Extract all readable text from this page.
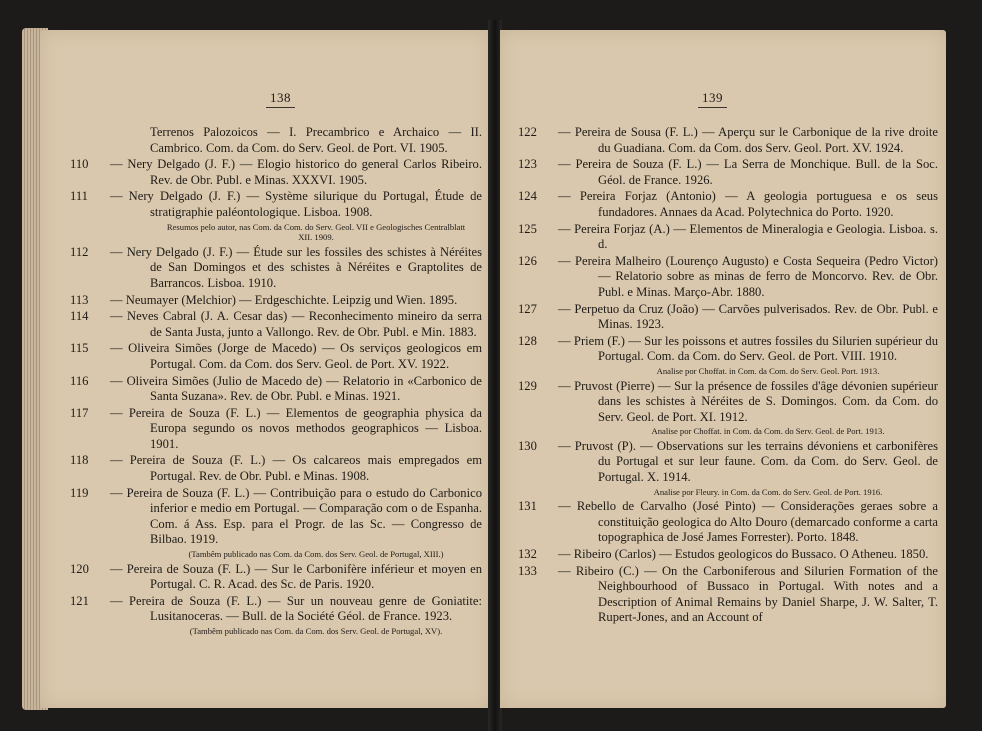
138

Terrenos Palozoicos — I. Precambrico e Archaico — II. Cambrico. Com. da Com. do Serv. Geol. de Port. VI. 1905.

110 — Nery Delgado (J. F.) — Elogio historico do general Carlos Ribeiro. Rev. de Obr. Publ. e Minas. XXXVI. 1905.

111 — Nery Delgado (J. F.) — Système silurique du Portugal, Étude de stratigraphie paléontologique. Lisboa. 1908.

Resumos pelo autor, nas Com. da Com. do Serv. Geol. VII e Geologisches Centralblatt XII. 1909.

112 — Nery Delgado (J. F.) — Étude sur les fossiles des schistes à Néréites de San Domingos et des schistes à Néréites e Graptolites de Barrancos. Lisboa. 1910.

113 — Neumayer (Melchior) — Erdgeschichte. Leipzig und Wien. 1895.

114 — Neves Cabral (J. A. Cesar das) — Reconhecimento mineiro da serra de Santa Justa, junto a Vallongo. Rev. de Obr. Publ. e Min. 1883.

115 — Oliveira Simões (Jorge de Macedo) — Os serviços geologicos em Portugal. Com. da Com. dos Serv. Geol. de Port. XV. 1922.

116 — Oliveira Simões (Julio de Macedo de) — Relatorio in «Carbonico de Santa Suzana». Rev. de Obr. Publ. e Minas. 1921.

117 — Pereira de Souza (F. L.) — Elementos de geographia physica da Europa segundo os novos methodos geographicos — Lisboa. 1901.

118 — Pereira de Souza (F. L.) — Os calcareos mais empregados em Portugal. Rev. de Obr. Publ. e Minas. 1908.

119 — Pereira de Souza (F. L.) — Contribuição para o estudo do Carbonico inferior e medio em Portugal. — Comparação com o de Espanha. Com. á Ass. Esp. para el Progr. de las Sc. — Congresso de Bilbao. 1919.

(Tambêm publicado nas Com. da Com. dos Serv. Geol. de Portugal, XIII.)

120 — Pereira de Souza (F. L.) — Sur le Carbonifère inférieur et moyen en Portugal. C. R. Acad. des Sc. de Paris. 1920.

121 — Pereira de Souza (F. L.) — Sur un nouveau genre de Goniatite: Lusitanoceras. — Bull. de la Société Géol. de France. 1923.

(Tambêm publicado nas Com. da Com. dos Serv. Geol. de Portugal, XV).

139

122 — Pereira de Sousa (F. L.) — Aperçu sur le Carbonique de la rive droite du Guadiana. Com. da Com. dos Serv. Geol. Port. XV. 1924.

123 — Pereira de Souza (F. L.) — La Serra de Monchique. Bull. de la Soc. Géol. de France. 1926.

124 — Pereira Forjaz (Antonio) — A geologia portuguesa e os seus fundadores. Annaes da Acad. Polytechnica do Porto. 1920.

125 — Pereira Forjaz (A.) — Elementos de Mineralogia e Geologia. Lisboa. s. d.

126 — Pereira Malheiro (Lourenço Augusto) e Costa Sequeira (Pedro Victor) — Relatorio sobre as minas de ferro de Moncorvo. Rev. de Obr. Publ. e Minas. Março-Abr. 1880.

127 — Perpetuo da Cruz (João) — Carvões pulverisados. Rev. de Obr. Publ. e Minas. 1923.

128 — Priem (F.) — Sur les poissons et autres fossiles du Silurien supérieur du Portugal. Com. da Com. do Serv. Geol. de Port. VIII. 1910.

Analise por Choffat. in Com. da Com. do Serv. Geol. Port. 1913.

129 — Pruvost (Pierre) — Sur la présence de fossiles d'âge dévonien supérieur dans les schistes à Néréites de S. Domingos. Com. da Com. do Serv. Geol. de Port. XI. 1912.

Analise por Choffat. in Com. da Com. do Serv. Geol. de Port. 1913.

130 — Pruvost (P). — Observations sur les terrains dévoniens et carbonifères du Portugal et sur leur faune. Com. da Com. do Serv. Geol. de Portugal. X. 1914.

Analise por Fleury. in Com. da Com. do Serv. Geol. de Port. 1916.

131 — Rebello de Carvalho (José Pinto) — Considerações geraes sobre a constituição geologica do Alto Douro (demarcado conforme a carta topographica de José James Forrester). Porto. 1848.

132 — Ribeiro (Carlos) — Estudos geologicos do Bussaco. O Atheneu. 1850.

133 — Ribeiro (C.) — On the Carboniferous and Silurien Formation of the Neighbourhood of Bussaco in Portugal. With notes and a Description of Animal Remains by Daniel Sharpe, J. W. Salter, T. Rupert-Jones, and an Account of
